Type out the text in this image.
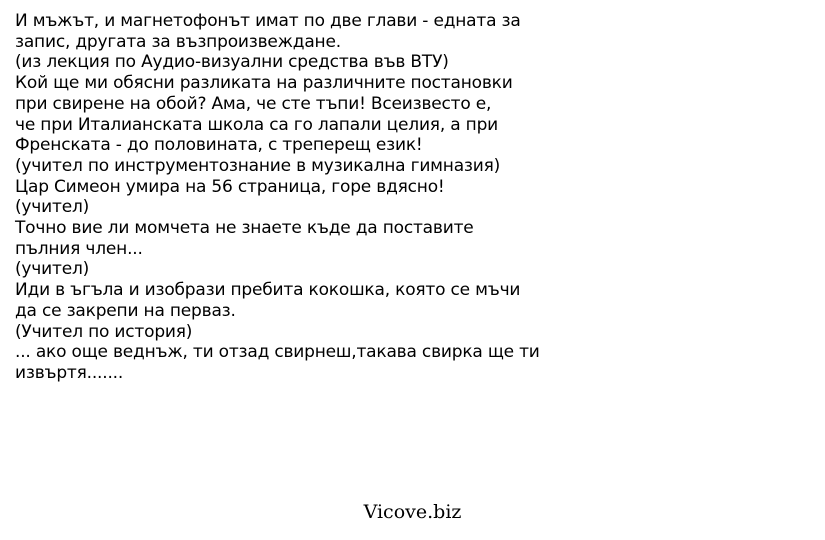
И мъжът, и магнетофонът имат по две глави - едната за
запис, другата за възпроизвеждане.
(из лекция по Аудио-визуални средства във ВТУ)
Кой ще ми обясни разликата на различните постановки
при свирене на обой? Ама, че сте тъпи! Всеизвесто е,
че при Италианската школа са го лапали целия, а при
Френската - до половината, с треперещ език!
(учител по инструментознание в музикална гимназия)
Цар Симеон умира на 56 страница, горе вдясно!
(учител)
Точно вие ли момчета не знаете къде да поставите
пълния член...
(учител)
Иди в ъгъла и изобрази пребита кокошка, която се мъчи
да се закрепи на перваз.
(Учител по история)
... ако още веднъж, ти отзад свирнеш,такава свирка ще ти
извъртя.......
Vicove.biz
